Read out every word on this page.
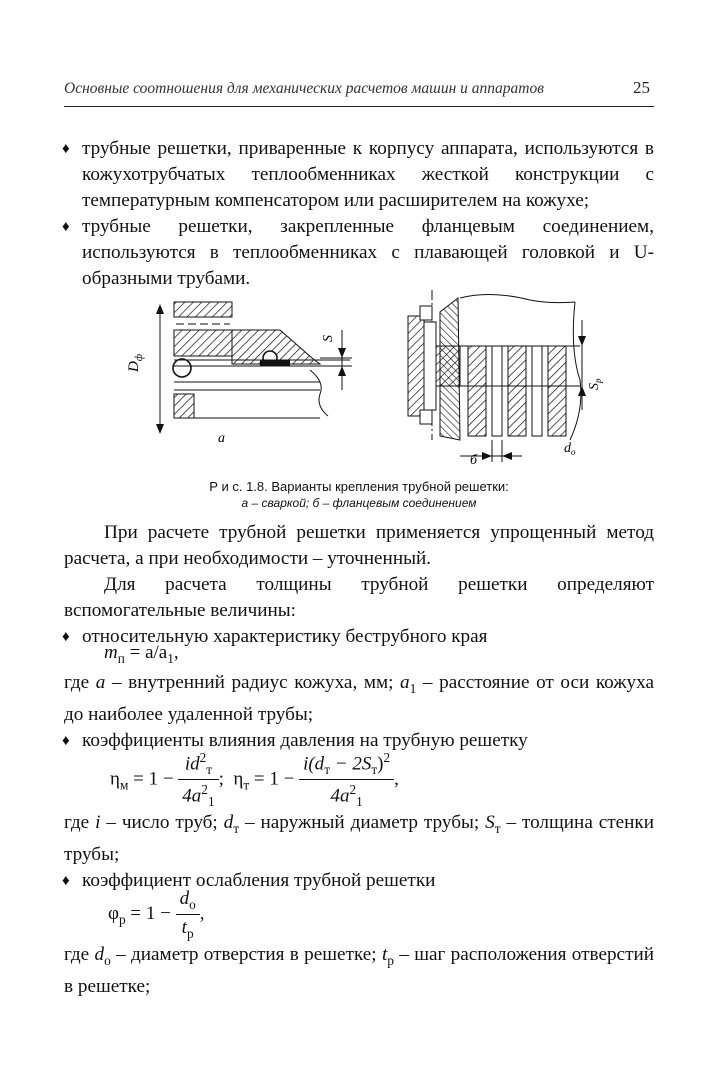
Основные соотношения для механических расчетов машин и аппаратов	25
♦ трубные решетки, приваренные к корпусу аппарата, используются в кожухотрубчатых теплообменниках жесткой конструкции с температурным компенсатором или расширителем на кожухе;
♦ трубные решетки, закрепленные фланцевым соединением, используются в теплообменниках с плавающей головкой и U-образными трубами.
$D_ф$
S
а
$S_р$
$d_о$
б
Р и с. 1.8. Варианты крепления трубной решетки:
а – сваркой; б – фланцевым соединением
При расчете трубной решетки применяется упрощенный метод расчета, а при необходимости – уточненный.
Для расчета толщины трубной решетки определяют вспомогательные величины:
♦ относительную характеристику беструбного края
$m_п = a/a_1$,
где a – внутренний радиус кожуха, мм; $a_1$ – расстояние от оси кожуха до наиболее удаленной трубы;
♦ коэффициенты влияния давления на трубную решетку
$\eta_м = 1 - \frac{id^2_т}{4a^2_1}$ ; $\eta_т = 1 - \frac{i(d_т - 2S_т)^2}{4a^2_1}$ ,
где i – число труб; $d_т$ – наружный диаметр трубы; $S_т$ – толщина стенки трубы;
♦ коэффициент ослабления трубной решетки
$\varphi_р = 1 - \frac{d_о}{t_р}$ ,
где $d_о$ – диаметр отверстия в решетке; $t_р$ – шаг расположения отверстий в решетке;
